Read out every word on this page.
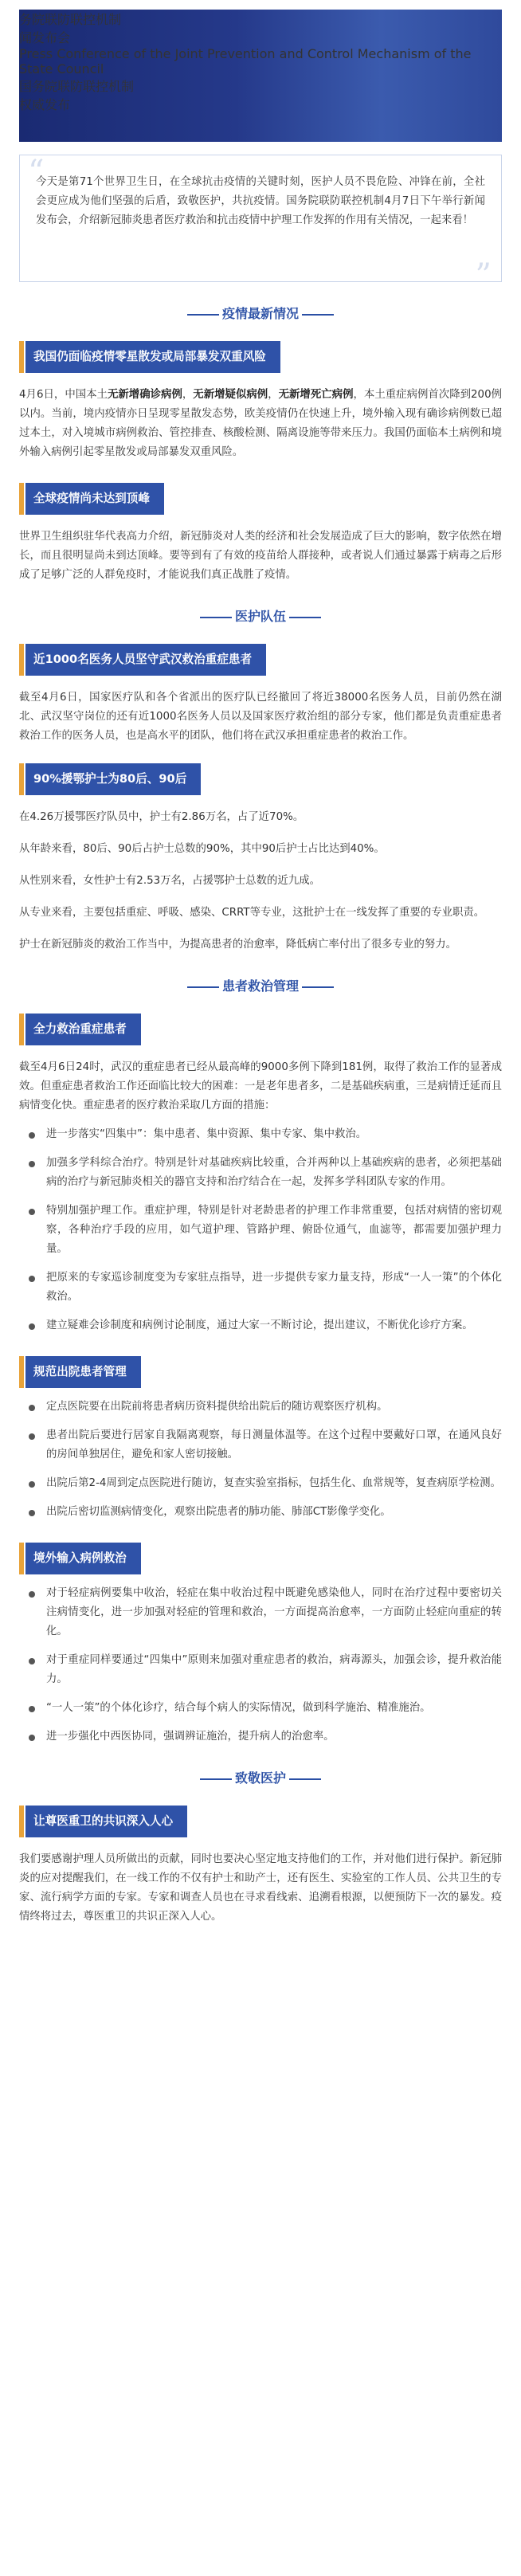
务院联防联控机制
闻发布会
Press Conference of the Joint Prevention and Control Mechanism of the State Council
国务院联防联控机制
权威发布
“

今天是第71个世界卫生日，在全球抗击疫情的关键时刻，医护人员不畏危险、冲锋在前，全社会更应成为他们坚强的后盾，致敬医护，共抗疫情。国务院联防联控机制4月7日下午举行新闻发布会，介绍新冠肺炎患者医疗救治和抗击疫情中护理工作发挥的作用有关情况，一起来看！

”
疫情最新情况
我国仍面临疫情零星散发或局部暴发双重风险
4月6日，中国本土无新增确诊病例，无新增疑似病例，无新增死亡病例，本土重症病例首次降到200例以内。当前，境内疫情亦日呈现零星散发态势，欧美疫情仍在快速上升，境外输入现有确诊病例数已超过本土，对入境城市病例救治、管控排查、核酸检测、隔离设施等带来压力。我国仍面临本土病例和境外输入病例引起零星散发或局部暴发双重风险。
全球疫情尚未达到顶峰
世界卫生组织驻华代表高力介绍，新冠肺炎对人类的经济和社会发展造成了巨大的影响，数字依然在增长，而且很明显尚未到达顶峰。要等到有了有效的疫苗给人群接种，或者说人们通过暴露于病毒之后形成了足够广泛的人群免疫时，才能说我们真正战胜了疫情。
医护队伍
近1000名医务人员坚守武汉救治重症患者
截至4月6日，国家医疗队和各个省派出的医疗队已经撤回了将近38000名医务人员，目前仍然在湖北、武汉坚守岗位的还有近1000名医务人员以及国家医疗救治组的部分专家，他们都是负责重症患者救治工作的医务人员，也是高水平的团队，他们将在武汉承担重症患者的救治工作。
90%援鄂护士为80后、90后
在4.26万援鄂医疗队员中，护士有2.86万名，占了近70%。
从年龄来看，80后、90后占护士总数的90%，其中90后护士占比达到40%。
从性别来看，女性护士有2.53万名，占援鄂护士总数的近九成。
从专业来看，主要包括重症、呼吸、感染、CRRT等专业，这批护士在一线发挥了重要的专业职责。
护士在新冠肺炎的救治工作当中，为提高患者的治愈率，降低病亡率付出了很多专业的努力。
患者救治管理
全力救治重症患者
截至4月6日24时，武汉的重症患者已经从最高峰的9000多例下降到181例，取得了救治工作的显著成效。但重症患者救治工作还面临比较大的困难：一是老年患者多，二是基础疾病重，三是病情迁延而且病情变化快。重症患者的医疗救治采取几方面的措施：
进一步落实“四集中”：集中患者、集中资源、集中专家、集中救治。
加强多学科综合治疗。特别是针对基础疾病比较重，合并两种以上基础疾病的患者，必须把基础病的治疗与新冠肺炎相关的器官支持和治疗结合在一起，发挥多学科团队专家的作用。
特别加强护理工作。重症护理，特别是针对老龄患者的护理工作非常重要，包括对病情的密切观察，各种治疗手段的应用，如气道护理、管路护理、俯卧位通气，血滤等，都需要加强护理力量。
把原来的专家巡诊制度变为专家驻点指导，进一步提供专家力量支持，形成“一人一策”的个体化救治。
建立疑难会诊制度和病例讨论制度，通过大家一不断讨论，提出建议，不断优化诊疗方案。
规范出院患者管理
定点医院要在出院前将患者病历资料提供给出院后的随访观察医疗机构。
患者出院后要进行居家自我隔离观察，每日测量体温等。在这个过程中要戴好口罩，在通风良好的房间单独居住，避免和家人密切接触。
出院后第2-4周到定点医院进行随访，复查实验室指标，包括生化、血常规等，复查病原学检测。
出院后密切监测病情变化，观察出院患者的肺功能、肺部CT影像学变化。
境外输入病例救治
对于轻症病例要集中收治，轻症在集中收治过程中既避免感染他人，同时在治疗过程中要密切关注病情变化，进一步加强对轻症的管理和救治，一方面提高治愈率，一方面防止轻症向重症的转化。
对于重症同样要通过“四集中”原则来加强对重症患者的救治，病毒源头，加强会诊，提升救治能力。
“一人一策”的个体化诊疗，结合每个病人的实际情况，做到科学施治、精准施治。
进一步强化中西医协同，强调辨证施治，提升病人的治愈率。
致敬医护
让尊医重卫的共识深入人心
我们要感谢护理人员所做出的贡献，同时也要决心坚定地支持他们的工作，并对他们进行保护。新冠肺炎的应对提醒我们，在一线工作的不仅有护士和助产士，还有医生、实验室的工作人员、公共卫生的专家、流行病学方面的专家。专家和调查人员也在寻求看线索、追溯看根源，以便预防下一次的暴发。疫情终将过去，尊医重卫的共识正深入人心。
